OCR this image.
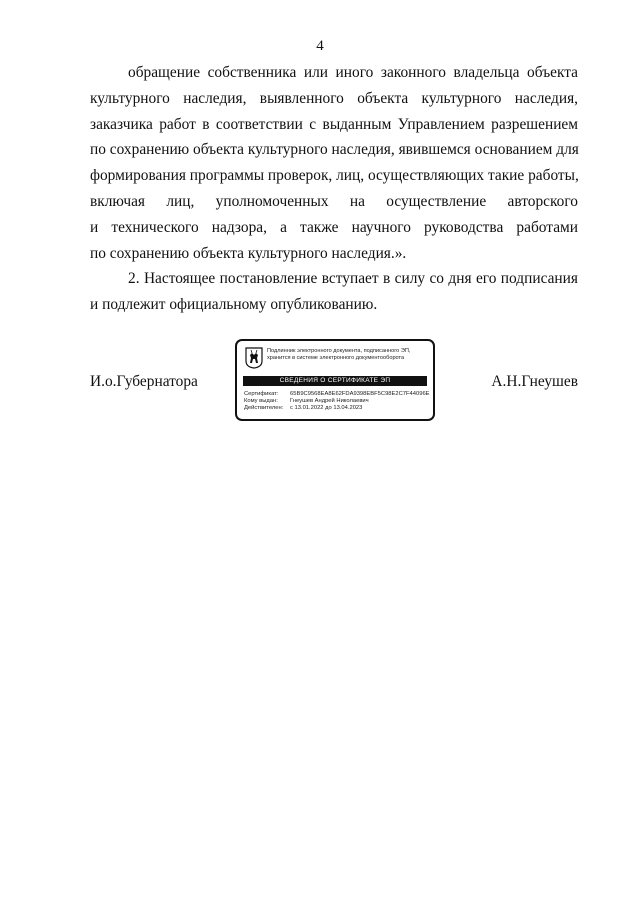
4
обращение собственника или иного законного владельца объекта
культурного наследия, выявленного объекта культурного наследия,
заказчика работ в соответствии с выданным Управлением разрешением
по сохранению объекта культурного наследия, явившемся основанием для
формирования программы проверок, лиц, осуществляющих такие работы,
включая лиц, уполномоченных на осуществление авторского
и технического надзора, а также научного руководства работами
по сохранению объекта культурного наследия.».
2. Настоящее постановление вступает в силу со дня его подписания
и подлежит официальному опубликованию.
И.о.Губернатора	А.Н.Гнеушев
Подлинник электронного документа, подписанного ЭП,
хранится в системе электронного документооборота
СВЕДЕНИЯ О СЕРТИФИКАТЕ ЭП
Сертификат: 65B9C9568EA8E62FDA9398EBF5C98E2C7F44096E
Кому выдан: Гнеушев Андрей Николаевич
Действителен: с 13.01.2022 до 13.04.2023
